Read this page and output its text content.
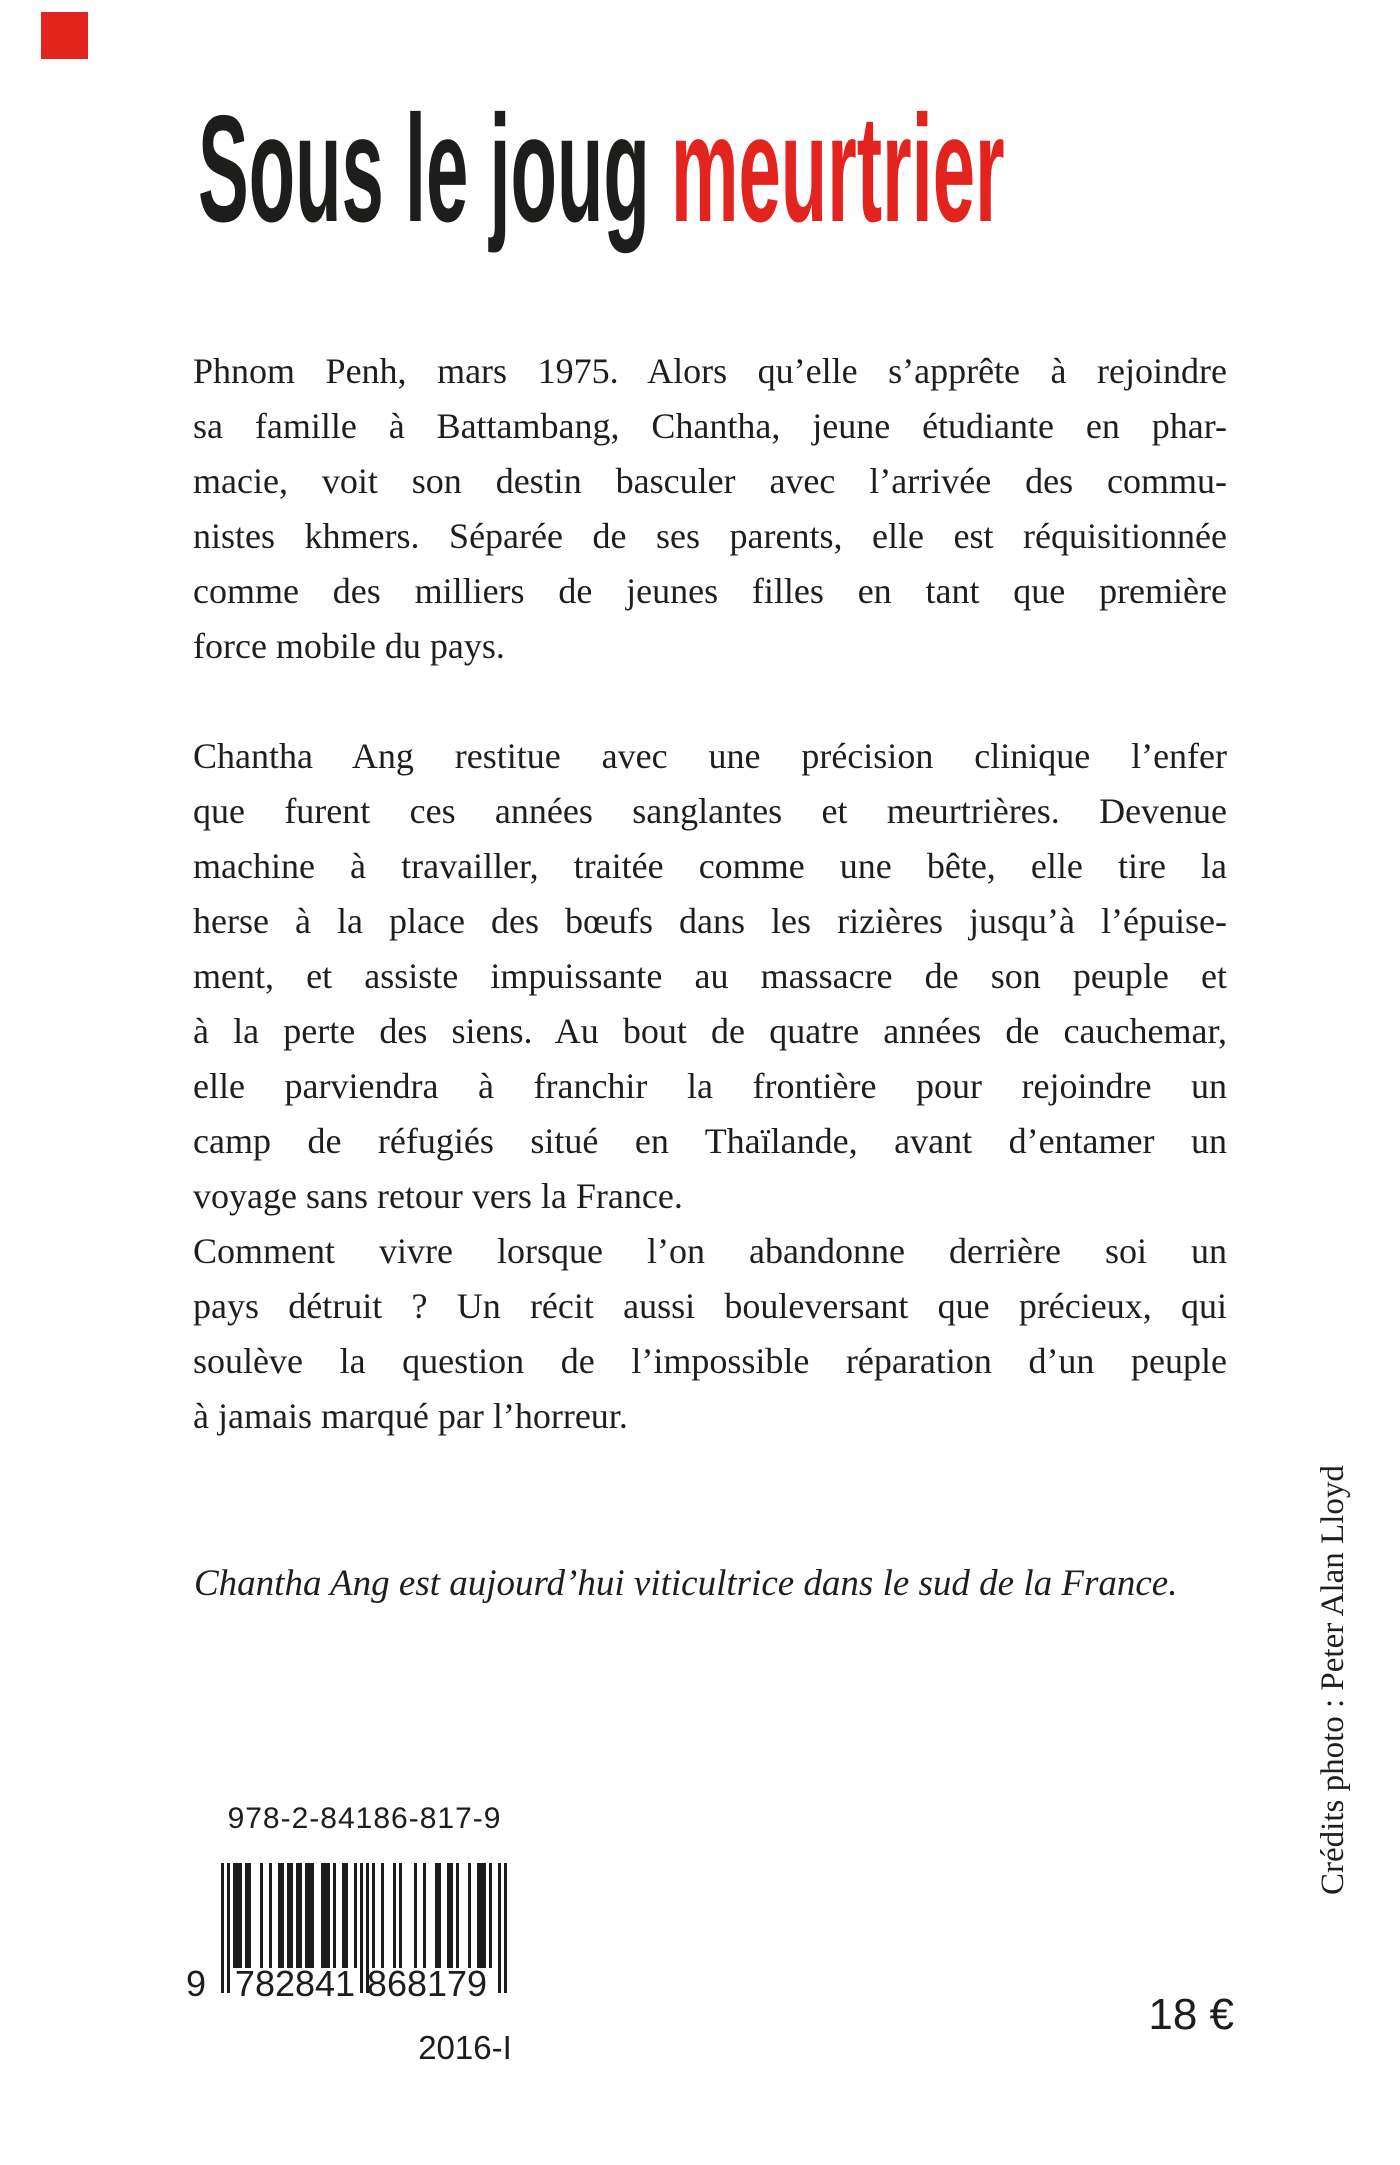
Sous le joug meurtrier
Phnom Penh, mars 1975. Alors qu’elle s’apprête à rejoindre
sa famille à Battambang, Chantha, jeune étudiante en phar-
macie, voit son destin basculer avec l’arrivée des commu-
nistes khmers. Séparée de ses parents, elle est réquisitionnée
comme des milliers de jeunes filles en tant que première
force mobile du pays.
Chantha Ang restitue avec une précision clinique l’enfer
que furent ces années sanglantes et meurtrières. Devenue
machine à travailler, traitée comme une bête, elle tire la
herse à la place des bœufs dans les rizières jusqu’à l’épuise-
ment, et assiste impuissante au massacre de son peuple et
à la perte des siens. Au bout de quatre années de cauchemar,
elle parviendra à franchir la frontière pour rejoindre un
camp de réfugiés situé en Thaïlande, avant d’entamer un
voyage sans retour vers la France.
Comment vivre lorsque l’on abandonne derrière soi un
pays détruit ? Un récit aussi bouleversant que précieux, qui
soulève la question de l’impossible réparation d’un peuple
à jamais marqué par l’horreur.
Chantha Ang est aujourd’hui viticultrice dans le sud de la France.	Crédits photo : Peter Alan Lloyd
978-2-84186-817-9
9 782841 868179
2016-I
18 €
